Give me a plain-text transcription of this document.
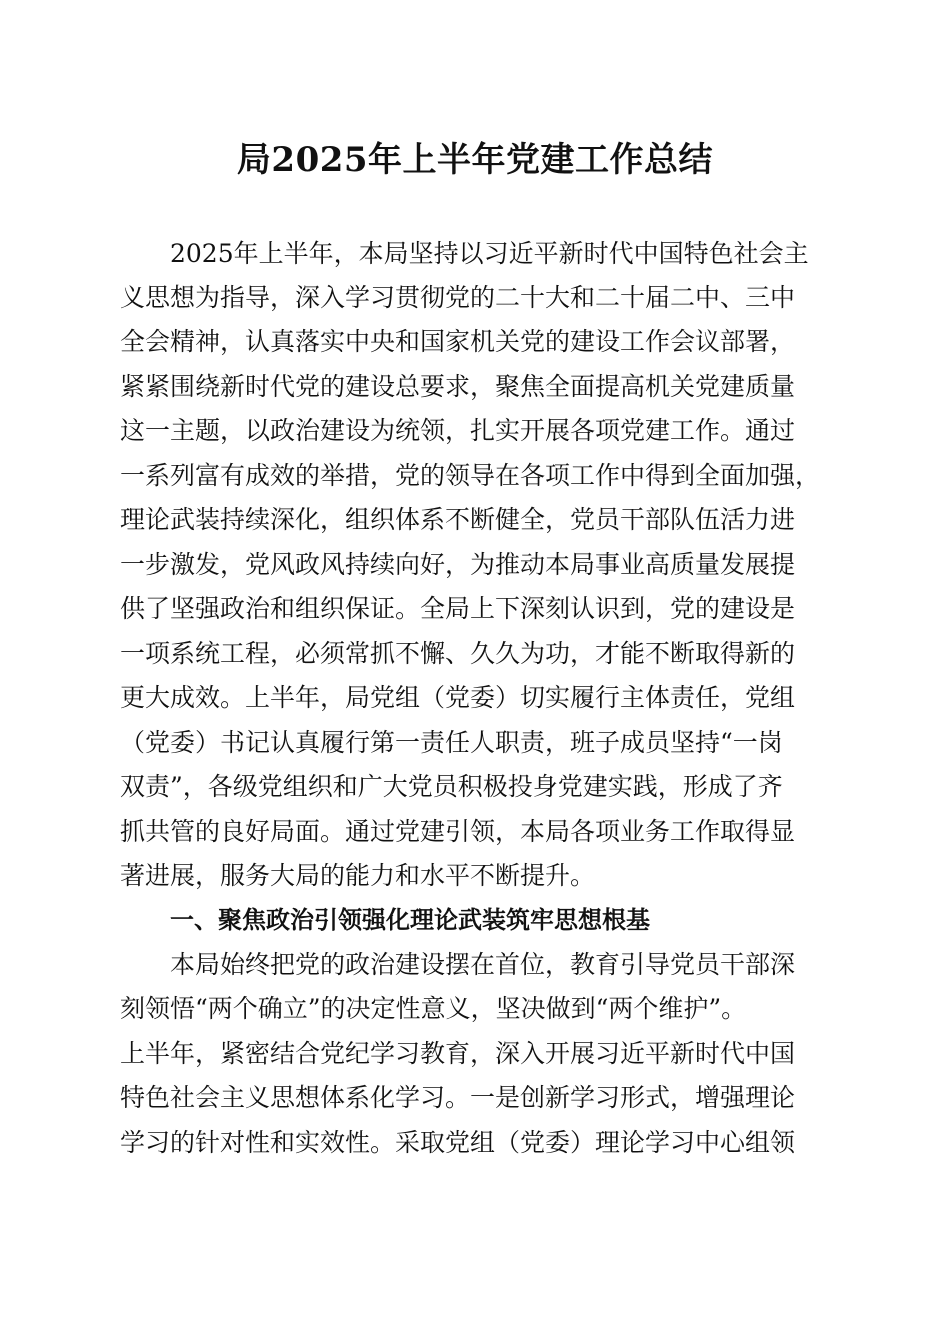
局2025年上半年党建工作总结
2025年上半年，本局坚持以习近平新时代中国特色社会主
义思想为指导，深入学习贯彻党的二十大和二十届二中、三中
全会精神，认真落实中央和国家机关党的建设工作会议部署，
紧紧围绕新时代党的建设总要求，聚焦全面提高机关党建质量
这一主题，以政治建设为统领，扎实开展各项党建工作。通过
一系列富有成效的举措，党的领导在各项工作中得到全面加强，
理论武装持续深化，组织体系不断健全，党员干部队伍活力进
一步激发，党风政风持续向好，为推动本局事业高质量发展提
供了坚强政治和组织保证。全局上下深刻认识到，党的建设是
一项系统工程，必须常抓不懈、久久为功，才能不断取得新的
更大成效。上半年，局党组（党委）切实履行主体责任，党组
（党委）书记认真履行第一责任人职责，班子成员坚持“一岗
双责”，各级党组织和广大党员积极投身党建实践，形成了齐
抓共管的良好局面。通过党建引领，本局各项业务工作取得显
著进展，服务大局的能力和水平不断提升。
一、聚焦政治引领强化理论武装筑牢思想根基
本局始终把党的政治建设摆在首位，教育引导党员干部深
刻领悟“两个确立”的决定性意义，坚决做到“两个维护”。
上半年，紧密结合党纪学习教育，深入开展习近平新时代中国
特色社会主义思想体系化学习。一是创新学习形式，增强理论
学习的针对性和实效性。采取党组（党委）理论学习中心组领
